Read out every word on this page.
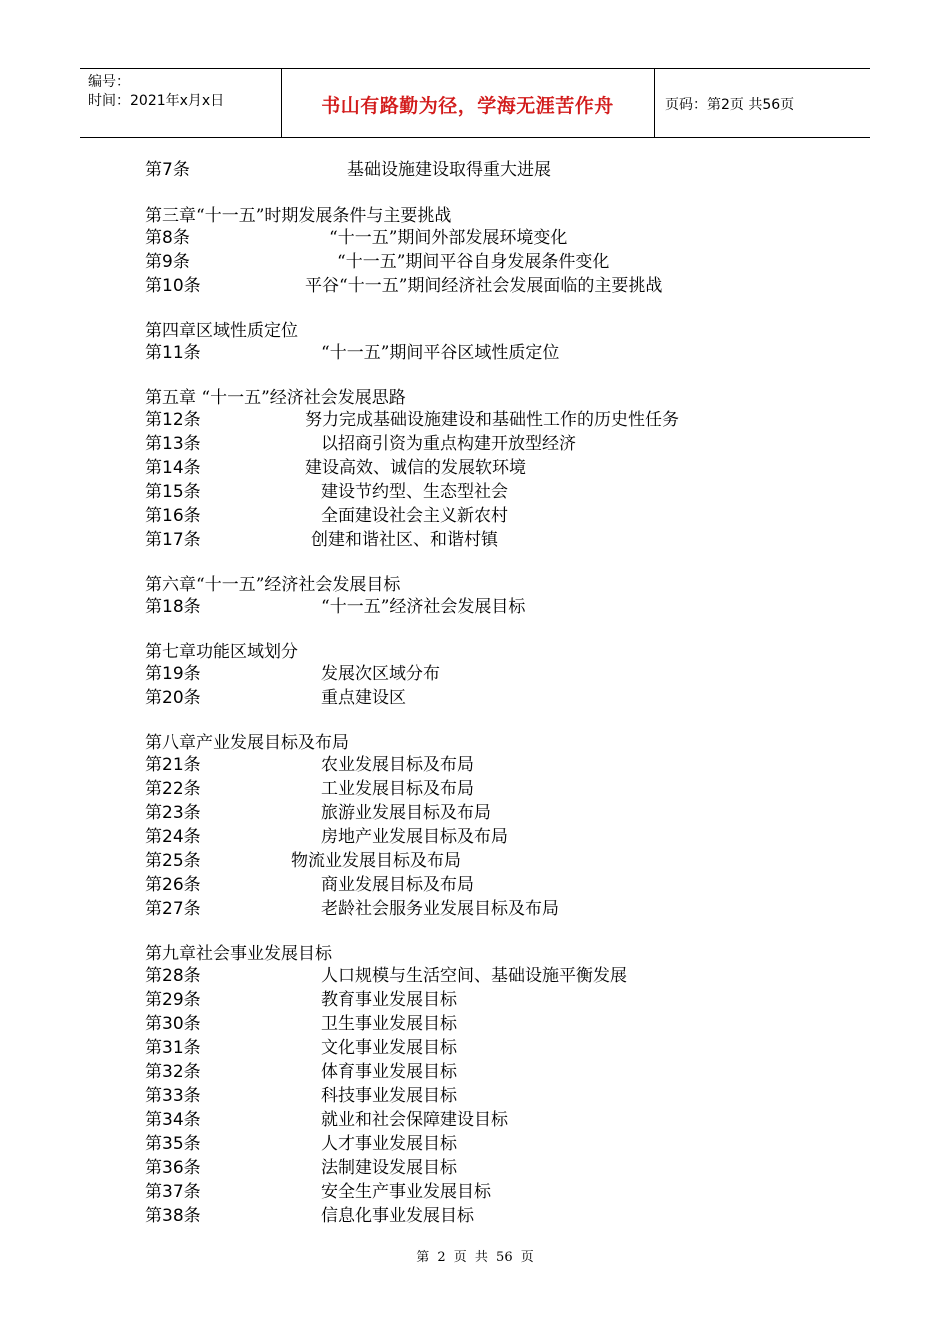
编号：
时间：2021年x月x日	书山有路勤为径，学海无涯苦作舟	页码：第2页 共56页
第7条	基础设施建设取得重大进展
第三章“十一五”时期发展条件与主要挑战
第8条	“十一五”期间外部发展环境变化
第9条	“十一五”期间平谷自身发展条件变化
第10条	平谷“十一五”期间经济社会发展面临的主要挑战
第四章区域性质定位
第11条	“十一五”期间平谷区域性质定位
第五章 “十一五”经济社会发展思路
第12条	努力完成基础设施建设和基础性工作的历史性任务
第13条	以招商引资为重点构建开放型经济
第14条	建设高效、诚信的发展软环境
第15条	建设节约型、生态型社会
第16条	全面建设社会主义新农村
第17条	创建和谐社区、和谐村镇
第六章“十一五”经济社会发展目标
第18条	“十一五”经济社会发展目标
第七章功能区域划分
第19条	发展次区域分布
第20条	重点建设区
第八章产业发展目标及布局
第21条	农业发展目标及布局
第22条	工业发展目标及布局
第23条	旅游业发展目标及布局
第24条	房地产业发展目标及布局
第25条	物流业发展目标及布局
第26条	商业发展目标及布局
第27条	老龄社会服务业发展目标及布局
第九章社会事业发展目标
第28条	人口规模与生活空间、基础设施平衡发展
第29条	教育事业发展目标
第30条	卫生事业发展目标
第31条	文化事业发展目标
第32条	体育事业发展目标
第33条	科技事业发展目标
第34条	就业和社会保障建设目标
第35条	人才事业发展目标
第36条	法制建设发展目标
第37条	安全生产事业发展目标
第38条	信息化事业发展目标
第 2 页 共 56 页
